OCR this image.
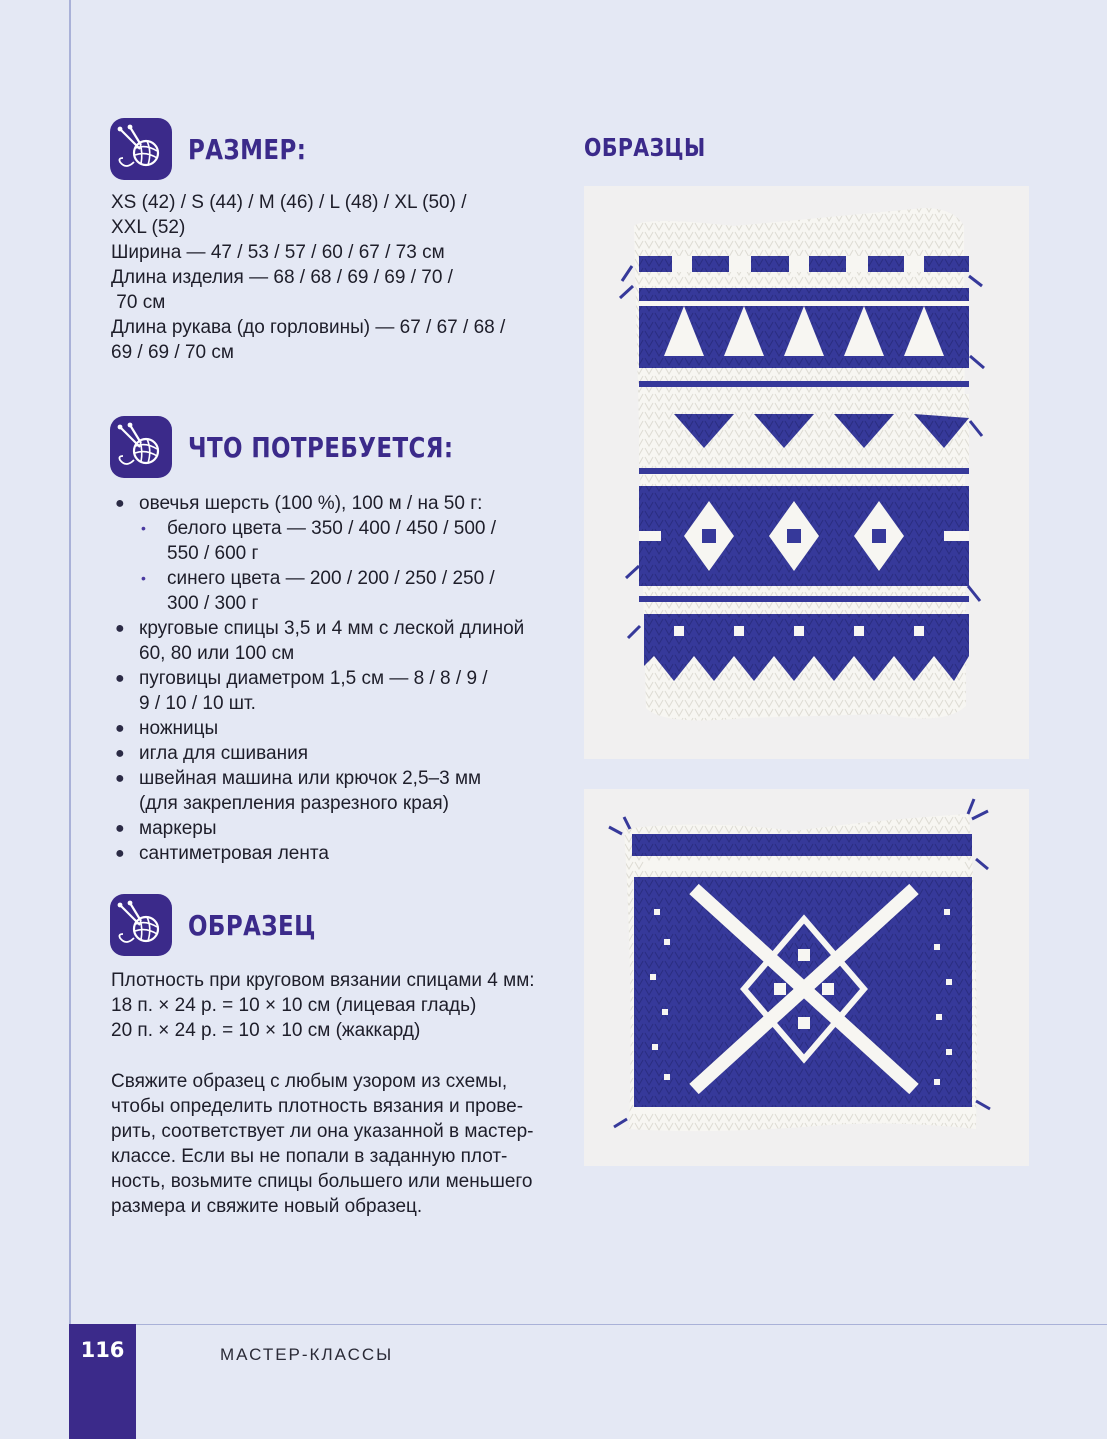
РАЗМЕР:
XS (42) / S (44) / M (46) / L (48) / XL (50) /
XXL (52)
Ширина — 47 / 53 / 57 / 60 / 67 / 73 см
Длина изделия — 68 / 68 / 69 / 69 / 70 /
70 см
Длина рукава (до горловины) — 67 / 67 / 68 /
69 / 69 / 70 см
ЧТО ПОТРЕБУЕТСЯ:
● овечья шерсть (100 %), 100 м / на 50 г:
• белого цвета — 350 / 400 / 450 / 500 /
550 / 600 г
• синего цвета — 200 / 200 / 250 / 250 /
300 / 300 г
● круговые спицы 3,5 и 4 мм с леской длиной
60, 80 или 100 см
● пуговицы диаметром 1,5 см — 8 / 8 / 9 /
9 / 10 / 10 шт.
● ножницы
● игла для сшивания
● швейная машина или крючок 2,5–3 мм
(для закрепления разрезного края)
● маркеры
● сантиметровая лента
ОБРАЗЕЦ
Плотность при круговом вязании спицами 4 мм:
18 п. × 24 р. = 10 × 10 см (лицевая гладь)
20 п. × 24 р. = 10 × 10 см (жаккард)
Свяжите образец с любым узором из схемы,
чтобы определить плотность вязания и прове-
рить, соответствует ли она указанной в мастер-
классе. Если вы не попали в заданную плот-
ность, возьмите спицы большего или меньшего
размера и свяжите новый образец.
ОБРАЗЦЫ
116	МАСТЕР-КЛАССЫ
